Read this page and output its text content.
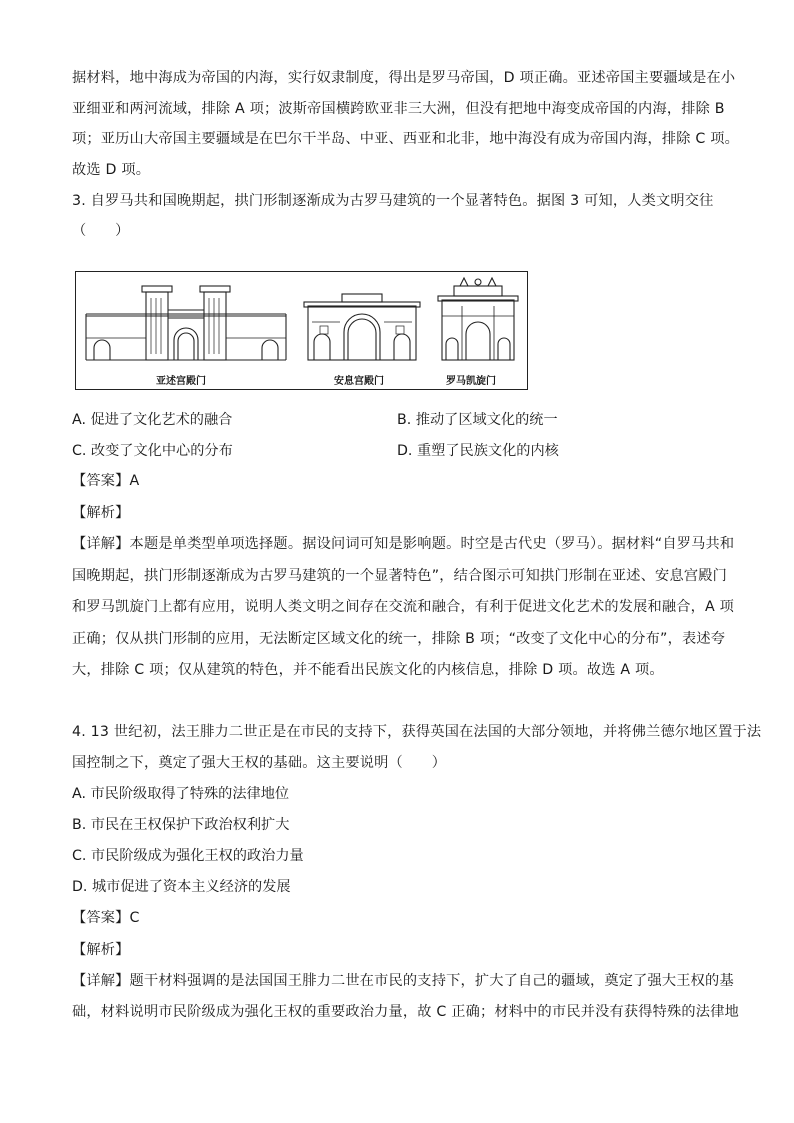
据材料，地中海成为帝国的内海，实行奴隶制度，得出是罗马帝国，D 项正确。亚述帝国主要疆域是在小
亚细亚和两河流域，排除 A 项；波斯帝国横跨欧亚非三大洲，但没有把地中海变成帝国的内海，排除 B
项；亚历山大帝国主要疆域是在巴尔干半岛、中亚、西亚和北非，地中海没有成为帝国内海，排除 C 项。
故选 D 项。
3. 自罗马共和国晚期起，拱门形制逐渐成为古罗马建筑的一个显著特色。据图 3 可知，人类文明交往
（　　）
亚述宫殿门	安息宫殿门	罗马凯旋门
A. 促进了文化艺术的融合	B. 推动了区域文化的统一
C. 改变了文化中心的分布	D. 重塑了民族文化的内核
【答案】A
【解析】
【详解】本题是单类型单项选择题。据设问词可知是影响题。时空是古代史（罗马）。据材料“自罗马共和
国晚期起，拱门形制逐渐成为古罗马建筑的一个显著特色”，结合图示可知拱门形制在亚述、安息宫殿门
和罗马凯旋门上都有应用，说明人类文明之间存在交流和融合，有利于促进文化艺术的发展和融合，A 项
正确；仅从拱门形制的应用，无法断定区域文化的统一，排除 B 项；“改变了文化中心的分布”，表述夸
大，排除 C 项；仅从建筑的特色，并不能看出民族文化的内核信息，排除 D 项。故选 A 项。
4. 13 世纪初，法王腓力二世正是在市民的支持下，获得英国在法国的大部分领地，并将佛兰德尔地区置于法
国控制之下，奠定了强大王权的基础。这主要说明（　　）
A. 市民阶级取得了特殊的法律地位
B. 市民在王权保护下政治权利扩大
C. 市民阶级成为强化王权的政治力量
D. 城市促进了资本主义经济的发展
【答案】C
【解析】
【详解】题干材料强调的是法国国王腓力二世在市民的支持下，扩大了自己的疆域，奠定了强大王权的基
础，材料说明市民阶级成为强化王权的重要政治力量，故 C 正确；材料中的市民并没有获得特殊的法律地
